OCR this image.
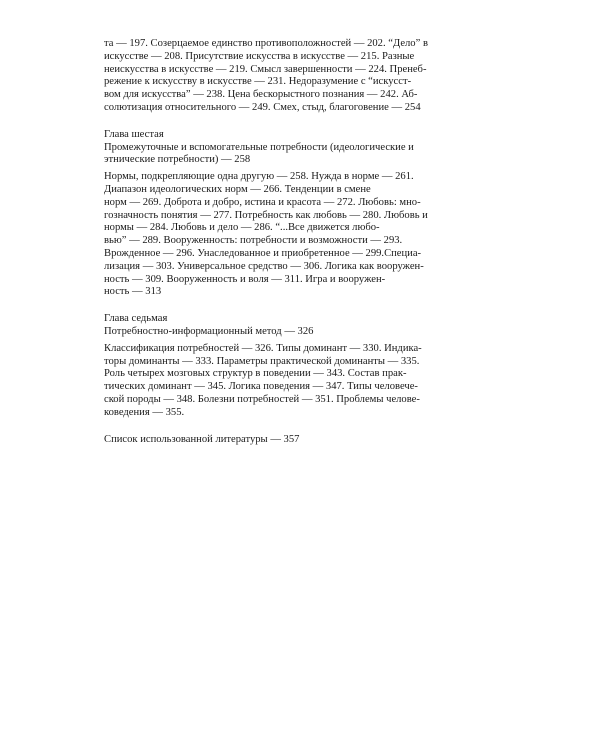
та — 197. Созерцаемое единство противоположностей — 202. “Дело” в
искусстве — 208. Присутствие искусства в искусстве — 215. Разные
неискусства в искусстве — 219. Смысл завершенности — 224. Пренеб-
режение к искусству в искусстве — 231. Недоразумение с “искусст-
вом для искусства” — 238. Цена бескорыстного познания — 242. Аб-
солютизация относительного — 249. Смех, стыд, благоговение — 254

Глава шестая

Промежуточные и вспомогательные потребности (идеологические и
этнические потребности) — 258

Нормы, подкрепляющие одна другую — 258. Нужда в норме — 261.
Диапазон идеологических норм — 266. Тенденции в смене
норм — 269. Доброта и добро, истина и красота — 272. Любовь: мно-
гозначность понятия — 277. Потребность как любовь — 280. Любовь и
нормы — 284. Любовь и дело — 286. “...Все движется любо-
вью” — 289. Вооруженность: потребности и возможности — 293.
Врожденное — 296. Унаследованное и приобретенное — 299.Специа-
лизация — 303. Универсальное средство — 306. Логика как вооружен-
ность — 309. Вооруженность и воля — 311. Игра и вооружен-
ность — 313

Глава седьмая

Потребностно-информационный метод — 326

Классификация потребностей — 326. Типы доминант — 330. Индика-
торы доминанты — 333. Параметры практической доминанты — 335.
Роль четырех мозговых структур в поведении — 343. Состав прак-
тических доминант — 345. Логика поведения — 347. Типы человече-
ской породы — 348. Болезни потребностей — 351. Проблемы челове-
коведения — 355.

Список использованной литературы — 357
